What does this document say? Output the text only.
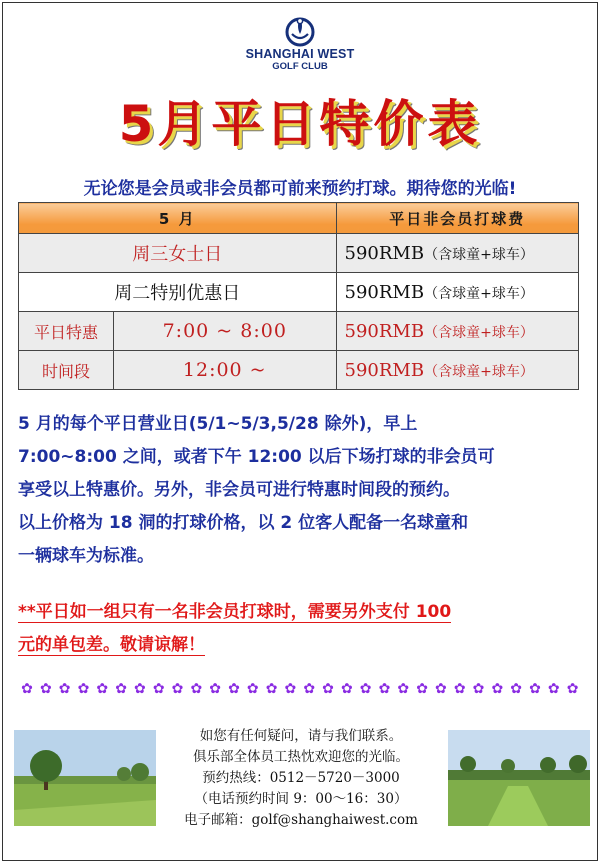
SHANGHAI WEST
GOLF CLUB
5月平日特价表
无论您是会员或非会员都可前来预约打球。期待您的光临!
5 月		平日非会员打球费
周三女士日		590RMB（含球童+球车）
周二特别优惠日		590RMB（含球童+球车）
平日特惠	7:00 ~ 8:00	590RMB（含球童+球车）
时间段	12:00 ~	590RMB（含球童+球车）
5 月的每个平日营业日(5/1~5/3,5/28 除外)，早上
7:00~8:00 之间，或者下午 12:00 以后下场打球的非会员可
享受以上特惠价。另外，非会员可进行特惠时间段的预约。
以上价格为 18 洞的打球价格，以 2 位客人配备一名球童和
一辆球车为标准。
**平日如一组只有一名非会员打球时，需要另外支付 100
元的单包差。敬请谅解！
✿ ✿ ✿ ✿ ✿ ✿ ✿ ✿ ✿ ✿ ✿ ✿ ✿ ✿ ✿ ✿ ✿ ✿ ✿ ✿ ✿ ✿ ✿ ✿ ✿ ✿ ✿ ✿ ✿ ✿
如您有任何疑问，请与我们联系。
俱乐部全体员工热忱欢迎您的光临。
预约热线：0512－5720－3000
（电话预约时间 9：00～16：30）
电子邮箱：golf@shanghaiwest.com
